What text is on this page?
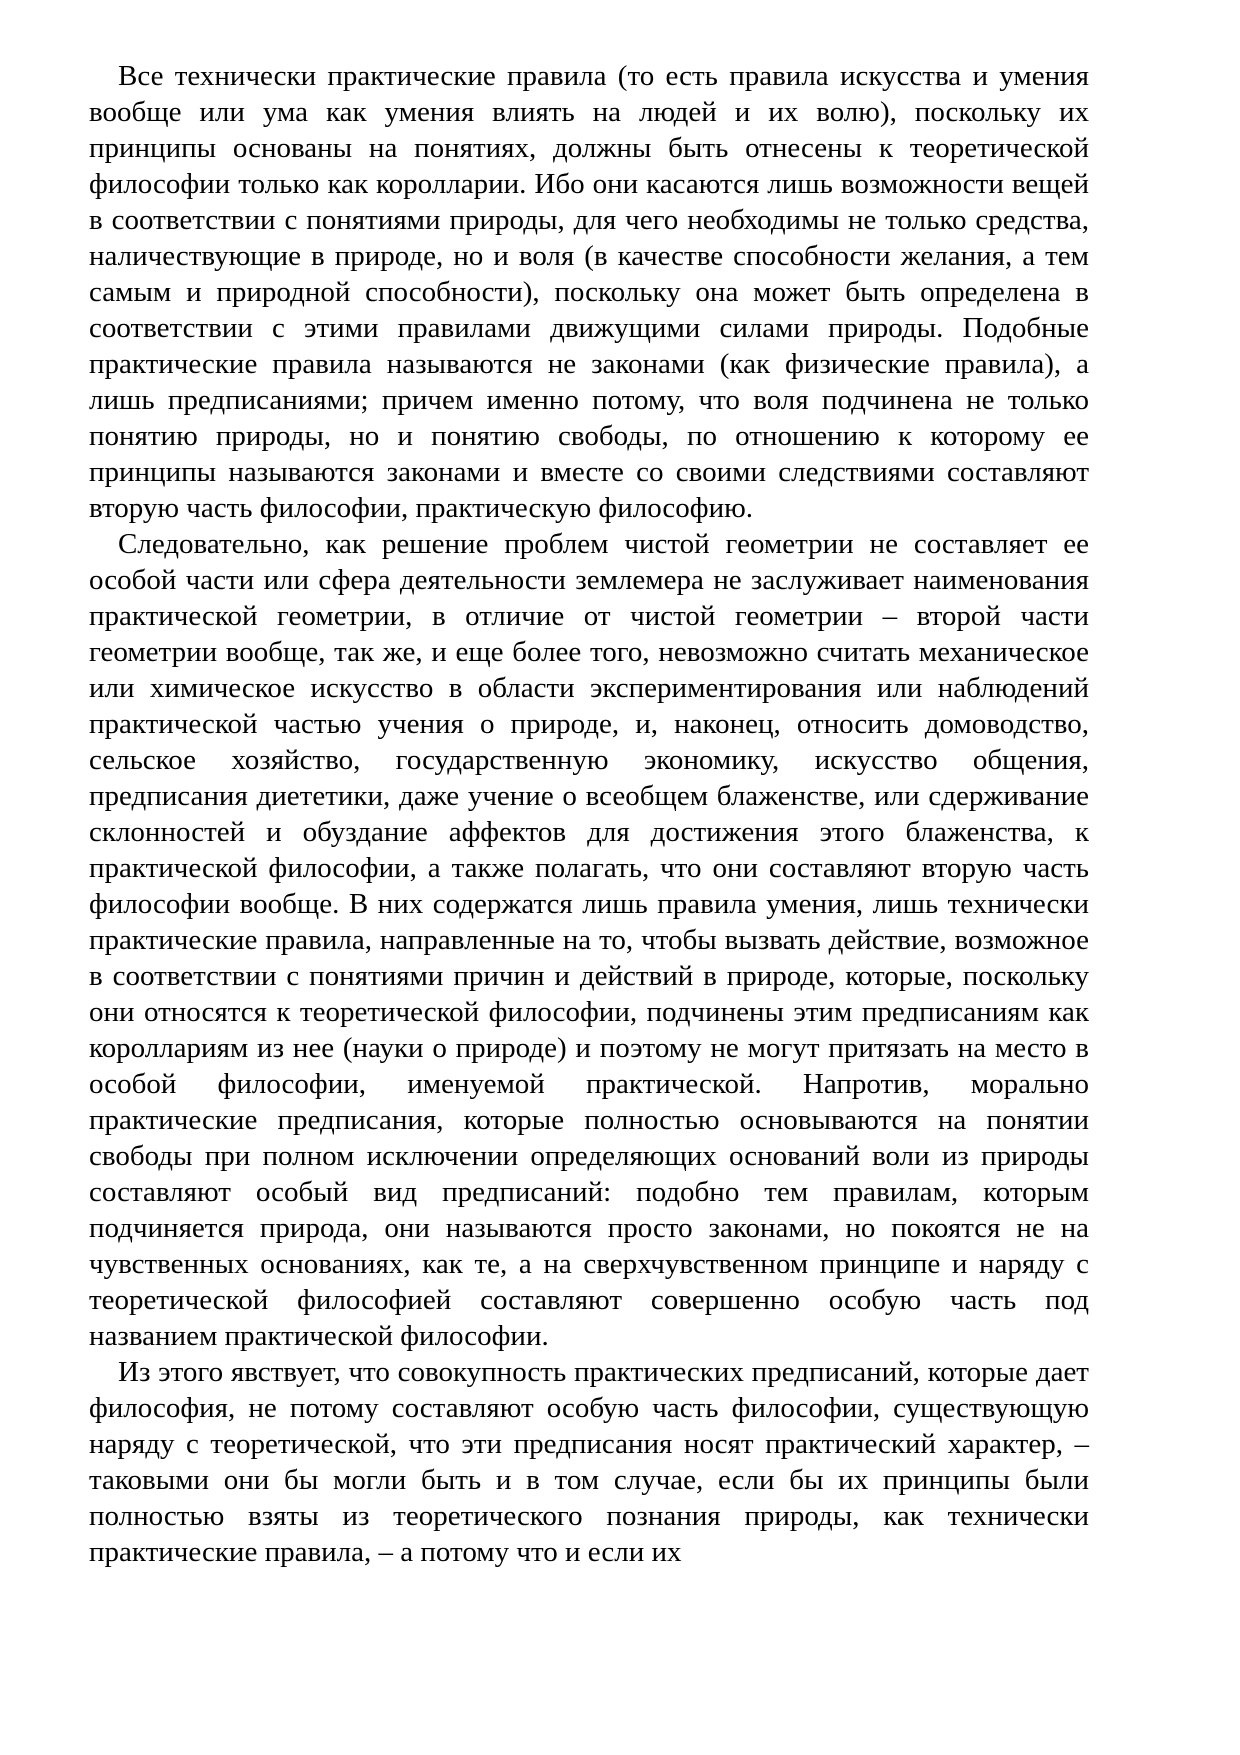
Все технически практические правила (то есть правила искусства и умения вообще или ума как умения влиять на людей и их волю), поскольку их принципы основаны на понятиях, должны быть отнесены к теоретической философии только как королларии. Ибо они касаются лишь возможности вещей в соответствии с понятиями природы, для чего необходимы не только средства, наличествующие в природе, но и воля (в качестве способности желания, а тем самым и природной способности), поскольку она может быть определена в соответствии с этими правилами движущими силами природы. Подобные практические правила называются не законами (как физические правила), а лишь предписаниями; причем именно потому, что воля подчинена не только понятию природы, но и понятию свободы, по отношению к которому ее принципы называются законами и вместе со своими следствиями составляют вторую часть философии, практическую философию.

Следовательно, как решение проблем чистой геометрии не составляет ее особой части или сфера деятельности землемера не заслуживает наименования практической геометрии, в отличие от чистой геометрии – второй части геометрии вообще, так же, и еще более того, невозможно считать механическое или химическое искусство в области экспериментирования или наблюдений практической частью учения о природе, и, наконец, относить домоводство, сельское хозяйство, государственную экономику, искусство общения, предписания диететики, даже учение о всеобщем блаженстве, или сдерживание склонностей и обуздание аффектов для достижения этого блаженства, к практической философии, а также полагать, что они составляют вторую часть философии вообще. В них содержатся лишь правила умения, лишь технически практические правила, направленные на то, чтобы вызвать действие, возможное в соответствии с понятиями причин и действий в природе, которые, поскольку они относятся к теоретической философии, подчинены этим предписаниям как короллариям из нее (науки о природе) и поэтому не могут притязать на место в особой философии, именуемой практической. Напротив, морально практические предписания, которые полностью основываются на понятии свободы при полном исключении определяющих оснований воли из природы составляют особый вид предписаний: подобно тем правилам, которым подчиняется природа, они называются просто законами, но покоятся не на чувственных основаниях, как те, а на сверхчувственном принципе и наряду с теоретической философией составляют совершенно особую часть под названием практической философии.

Из этого явствует, что совокупность практических предписаний, которые дает философия, не потому составляют особую часть философии, существующую наряду с теоретической, что эти предписания носят практический характер, – таковыми они бы могли быть и в том случае, если бы их принципы были полностью взяты из теоретического познания природы, как технически практические правила, – а потому что и если их
